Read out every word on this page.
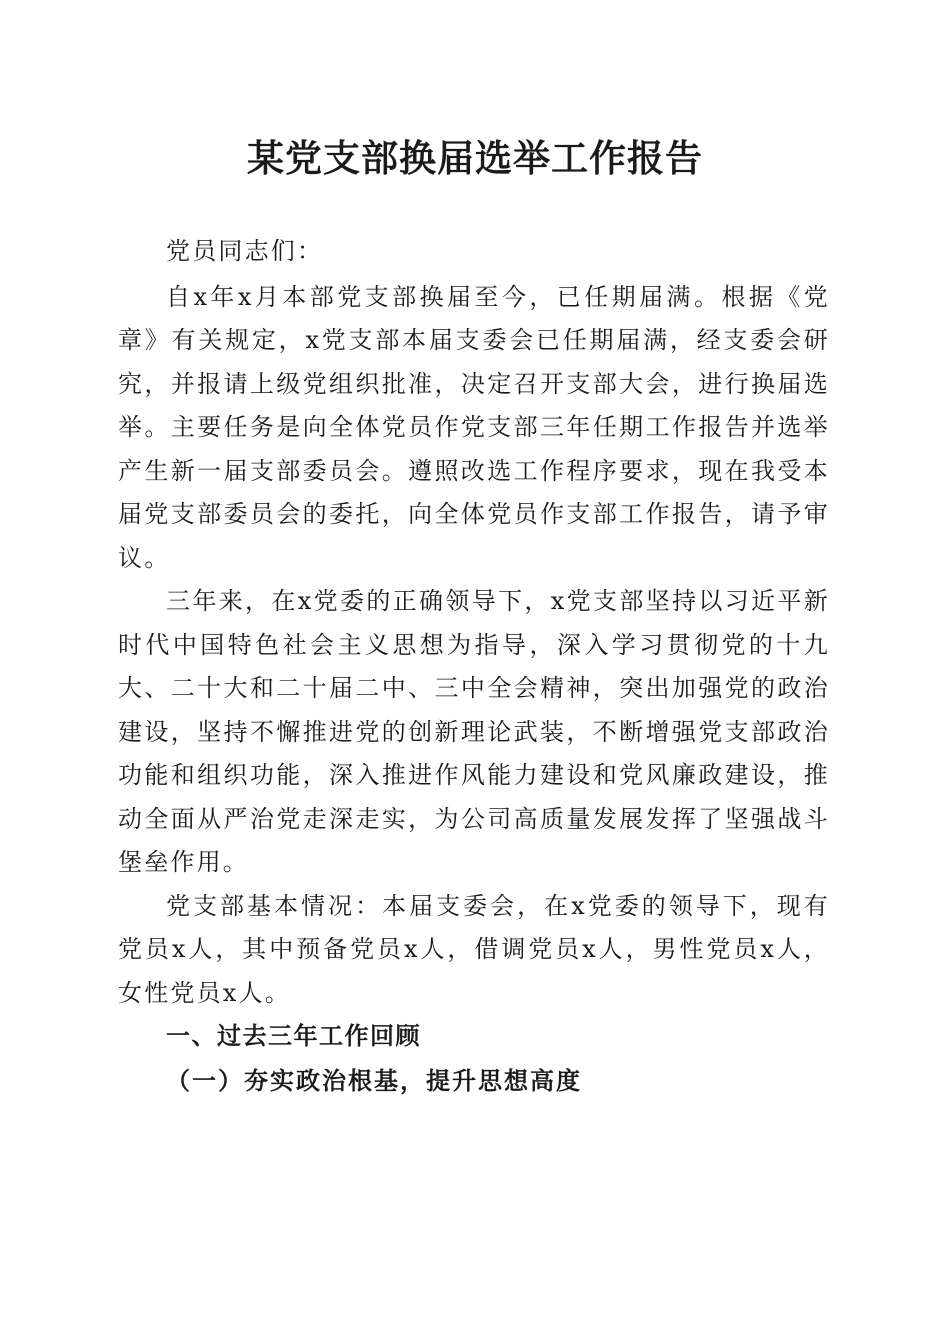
某党支部换届选举工作报告

党员同志们：

自x年x月本部党支部换届至今，已任期届满。根据《党章》有关规定，x党支部本届支委会已任期届满，经支委会研究，并报请上级党组织批准，决定召开支部大会，进行换届选举。主要任务是向全体党员作党支部三年任期工作报告并选举产生新一届支部委员会。遵照改选工作程序要求，现在我受本届党支部委员会的委托，向全体党员作支部工作报告，请予审议。

三年来，在x党委的正确领导下，x党支部坚持以习近平新时代中国特色社会主义思想为指导，深入学习贯彻党的十九大、二十大和二十届二中、三中全会精神，突出加强党的政治建设，坚持不懈推进党的创新理论武装，不断增强党支部政治功能和组织功能，深入推进作风能力建设和党风廉政建设，推动全面从严治党走深走实，为公司高质量发展发挥了坚强战斗堡垒作用。

党支部基本情况：本届支委会，在x党委的领导下，现有党员x人，其中预备党员x人，借调党员x人，男性党员x人，女性党员x人。

一、过去三年工作回顾

（一）夯实政治根基，提升思想高度
